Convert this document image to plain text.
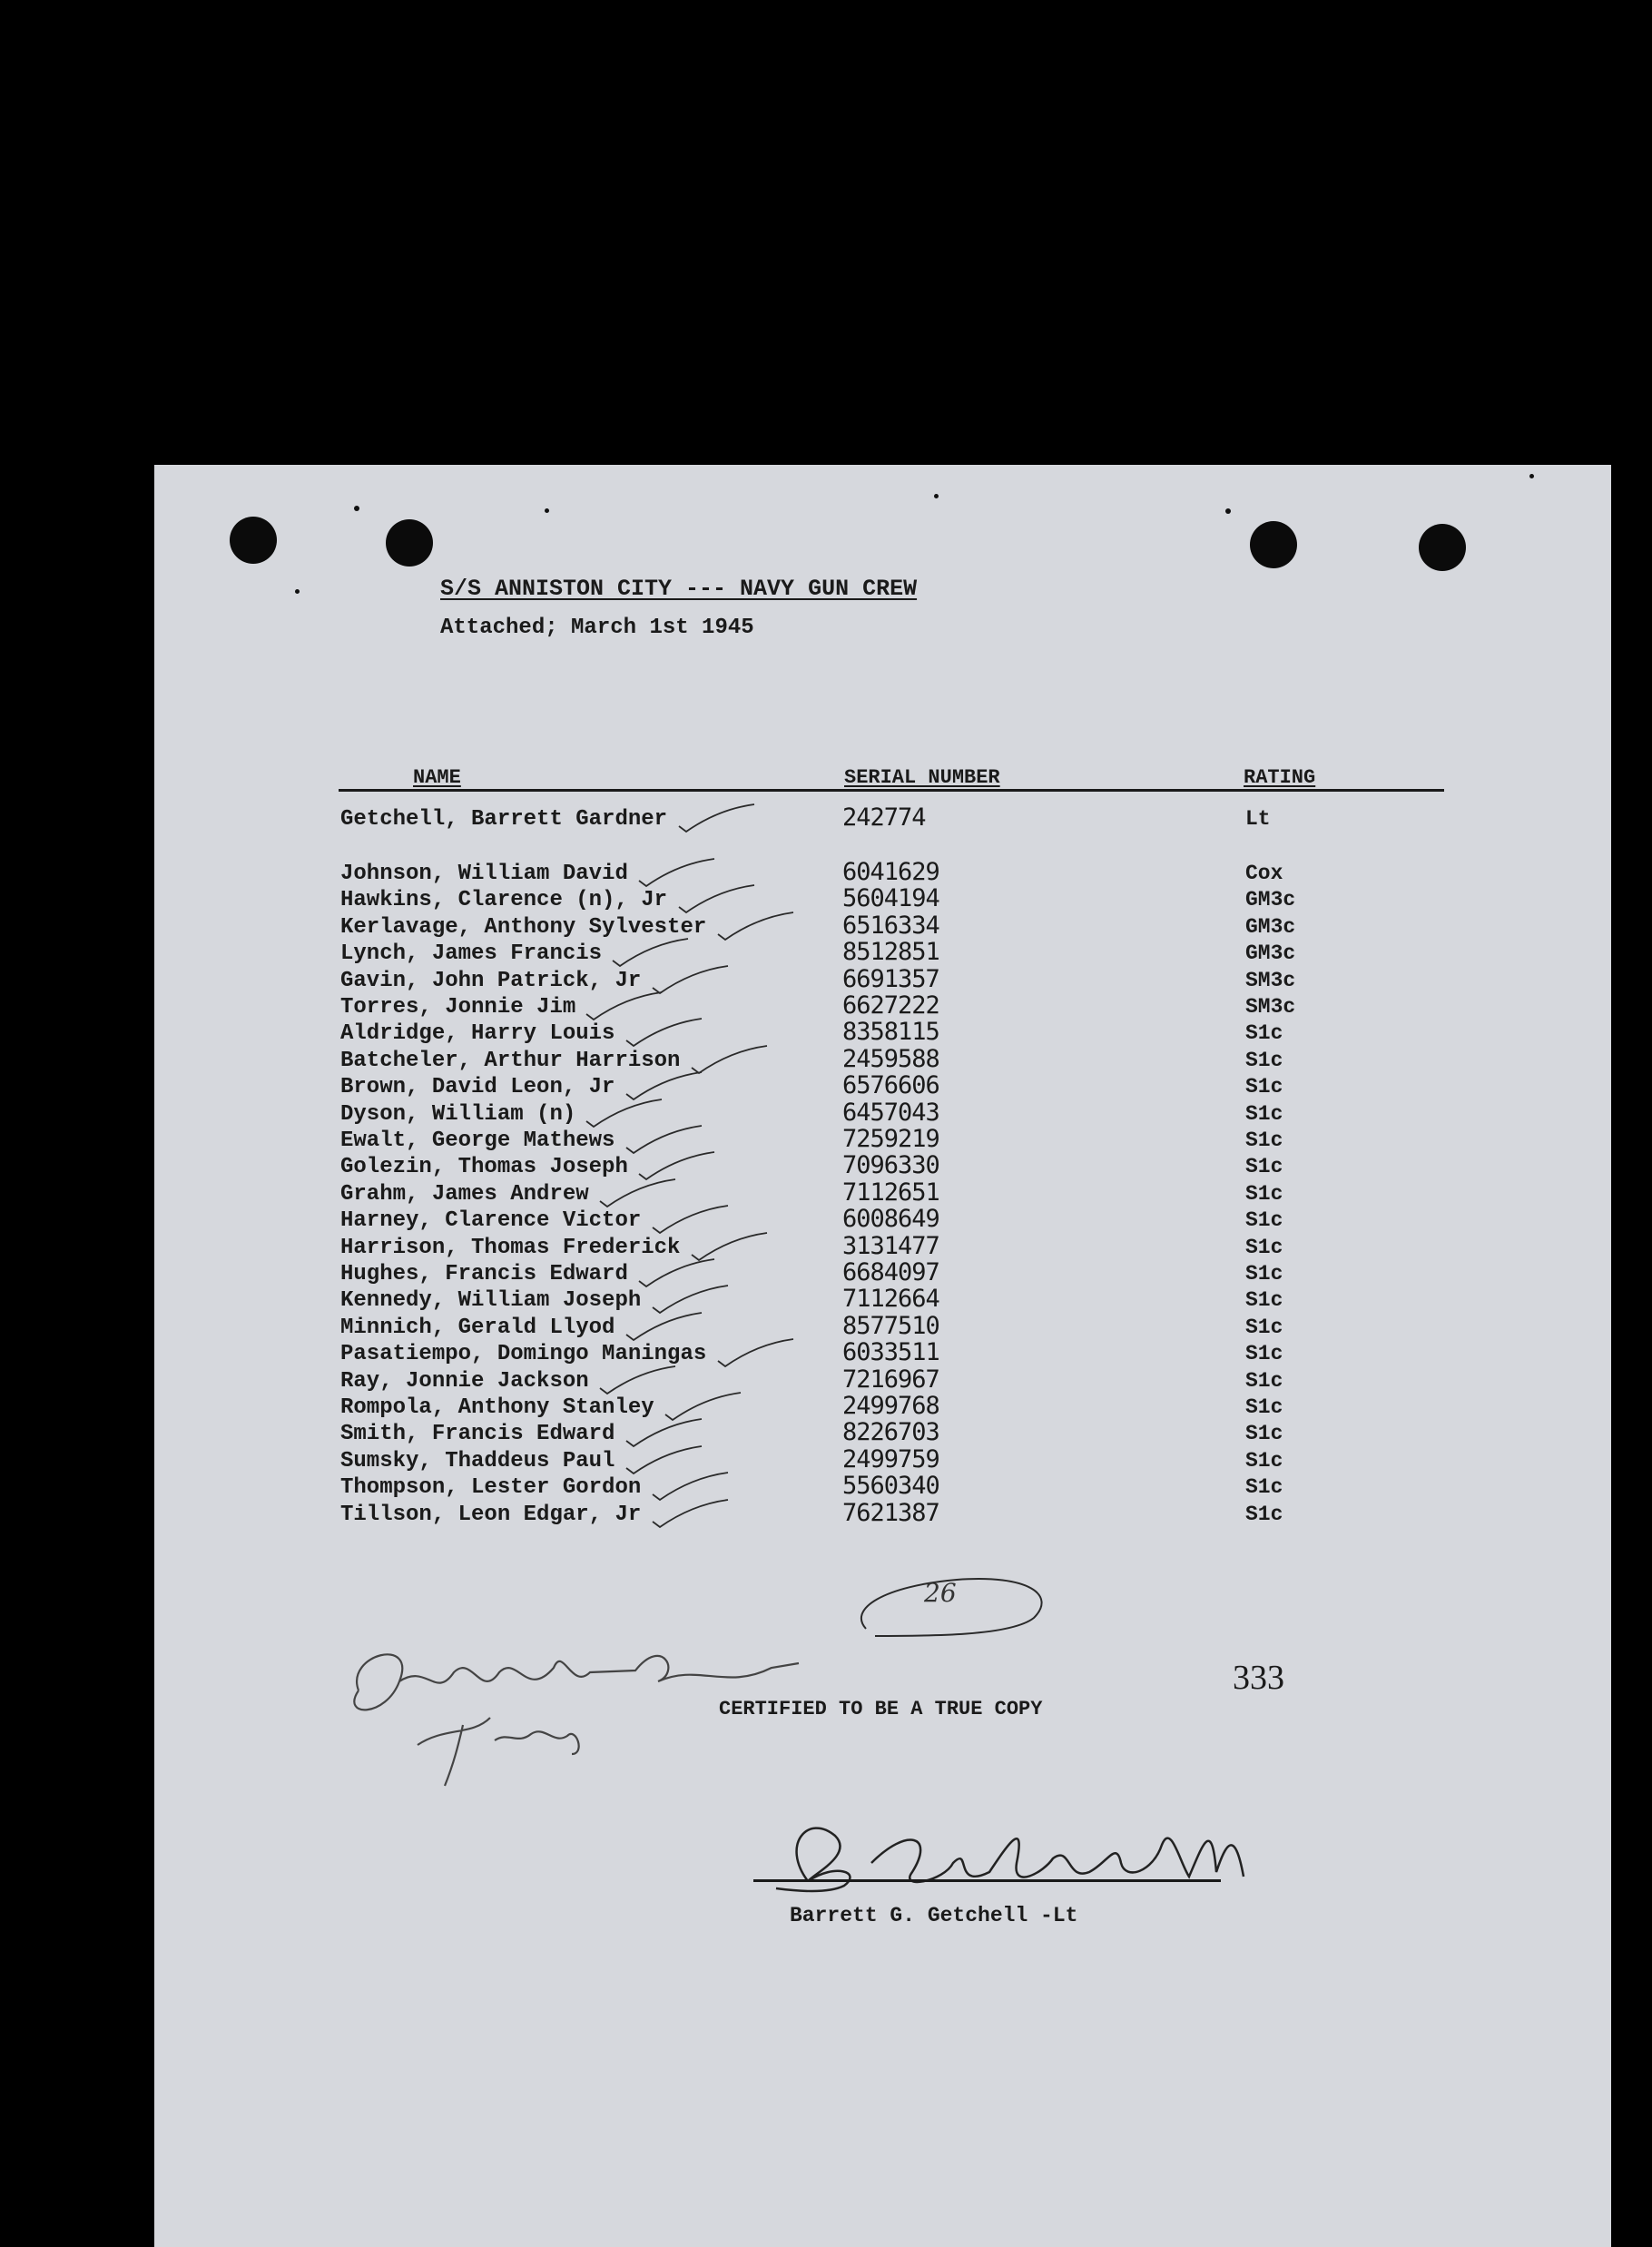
S/S ANNISTON CITY --- NAVY GUN CREW
Attached; March 1st 1945
NAME	SERIAL NUMBER	RATING
Getchell, Barrett Gardner	242774	Lt
Johnson, William David	6041629	Cox
Hawkins, Clarence (n), Jr	5604194	GM3c
Kerlavage, Anthony Sylvester	6516334	GM3c
Lynch, James Francis	8512851	GM3c
Gavin, John Patrick, Jr	6691357	SM3c
Torres, Jonnie Jim	6627222	SM3c
Aldridge, Harry Louis	8358115	S1c
Batcheler, Arthur Harrison	2459588	S1c
Brown, David Leon, Jr	6576606	S1c
Dyson, William (n)	6457043	S1c
Ewalt, George Mathews	7259219	S1c
Golezin, Thomas Joseph	7096330	S1c
Grahm, James Andrew	7112651	S1c
Harney, Clarence Victor	6008649	S1c
Harrison, Thomas Frederick	3131477	S1c
Hughes, Francis Edward	6684097	S1c
Kennedy, William Joseph	7112664	S1c
Minnich, Gerald Llyod	8577510	S1c
Pasatiempo, Domingo Maningas	6033511	S1c
Ray, Jonnie Jackson	7216967	S1c
Rompola, Anthony Stanley	2499768	S1c
Smith, Francis Edward	8226703	S1c
Sumsky, Thaddeus Paul	2499759	S1c
Thompson, Lester Gordon	5560340	S1c
Tillson, Leon Edgar, Jr	7621387	S1c
26
333
CERTIFIED TO BE A TRUE COPY
Barrett G. Getchell -Lt
